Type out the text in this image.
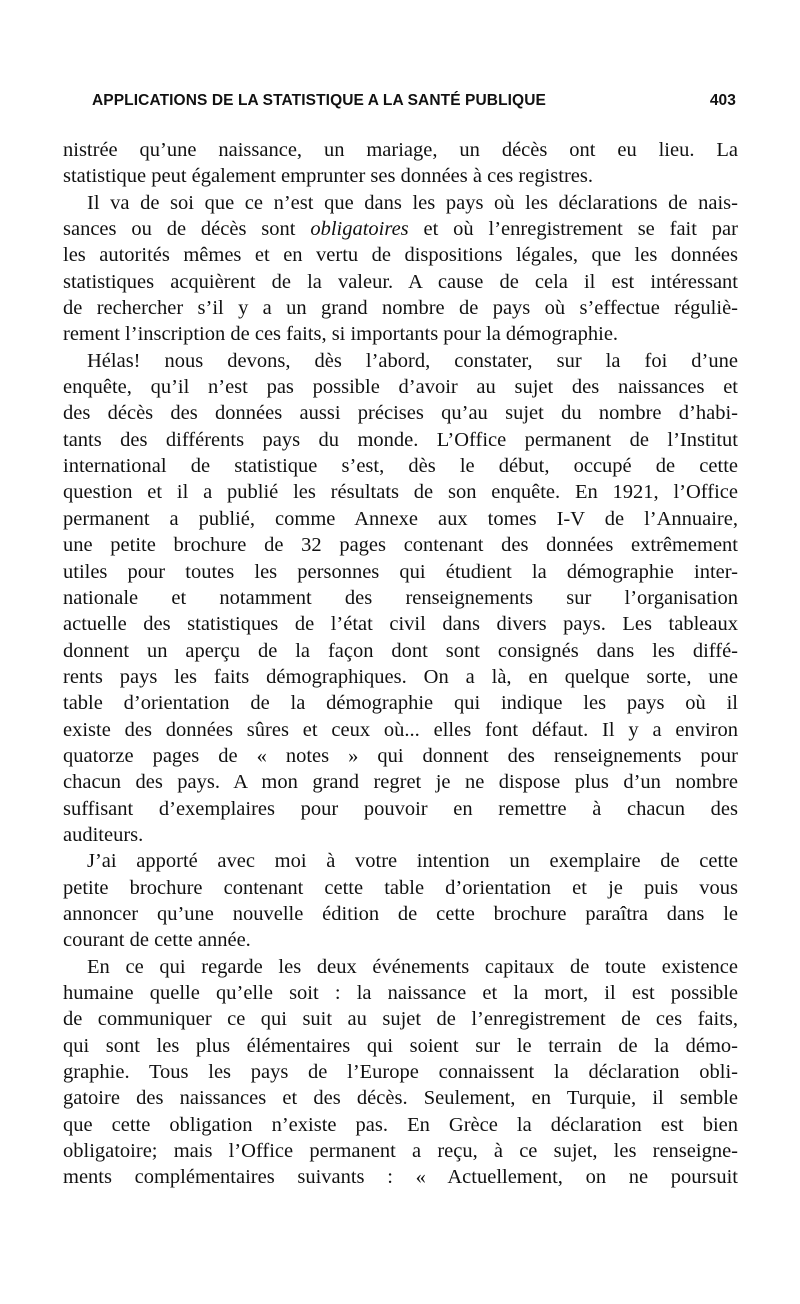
APPLICATIONS DE LA STATISTIQUE A LA SANTÉ PUBLIQUE	403
nistrée qu’une naissance, un mariage, un décès ont eu lieu. La
statistique peut également emprunter ses données à ces registres.
Il va de soi que ce n’est que dans les pays où les déclarations de nais-
sances ou de décès sont obligatoires et où l’enregistrement se fait par
les autorités mêmes et en vertu de dispositions légales, que les données
statistiques acquièrent de la valeur. A cause de cela il est intéressant
de rechercher s’il y a un grand nombre de pays où s’effectue réguliè-
rement l’inscription de ces faits, si importants pour la démographie.
Hélas! nous devons, dès l’abord, constater, sur la foi d’une
enquête, qu’il n’est pas possible d’avoir au sujet des naissances et
des décès des données aussi précises qu’au sujet du nombre d’habi-
tants des différents pays du monde. L’Office permanent de l’Institut
international de statistique s’est, dès le début, occupé de cette
question et il a publié les résultats de son enquête. En 1921, l’Office
permanent a publié, comme Annexe aux tomes I-V de l’Annuaire,
une petite brochure de 32 pages contenant des données extrêmement
utiles pour toutes les personnes qui étudient la démographie inter-
nationale et notamment des renseignements sur l’organisation
actuelle des statistiques de l’état civil dans divers pays. Les tableaux
donnent un aperçu de la façon dont sont consignés dans les diffé-
rents pays les faits démographiques. On a là, en quelque sorte, une
table d’orientation de la démographie qui indique les pays où il
existe des données sûres et ceux où... elles font défaut. Il y a environ
quatorze pages de « notes » qui donnent des renseignements pour
chacun des pays. A mon grand regret je ne dispose plus d’un nombre
suffisant d’exemplaires pour pouvoir en remettre à chacun des
auditeurs.
J’ai apporté avec moi à votre intention un exemplaire de cette
petite brochure contenant cette table d’orientation et je puis vous
annoncer qu’une nouvelle édition de cette brochure paraîtra dans le
courant de cette année.
En ce qui regarde les deux événements capitaux de toute existence
humaine quelle qu’elle soit : la naissance et la mort, il est possible
de communiquer ce qui suit au sujet de l’enregistrement de ces faits,
qui sont les plus élémentaires qui soient sur le terrain de la démo-
graphie. Tous les pays de l’Europe connaissent la déclaration obli-
gatoire des naissances et des décès. Seulement, en Turquie, il semble
que cette obligation n’existe pas. En Grèce la déclaration est bien
obligatoire; mais l’Office permanent a reçu, à ce sujet, les renseigne-
ments complémentaires suivants : « Actuellement, on ne poursuit
